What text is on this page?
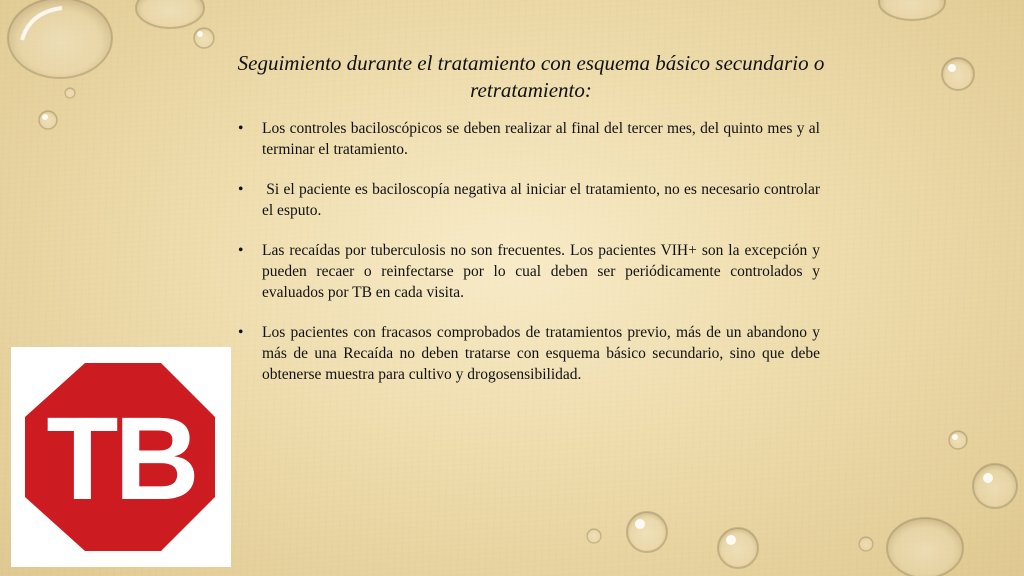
Seguimiento durante el tratamiento con esquema básico secundario o retratamiento:
• Los controles baciloscópicos se deben realizar al final del tercer mes, del quinto mes y al terminar el tratamiento.
• Si el paciente es baciloscopía negativa al iniciar el tratamiento, no es necesario controlar el esputo.
• Las recaídas por tuberculosis no son frecuentes. Los pacientes VIH+ son la excepción y pueden recaer o reinfectarse por lo cual deben ser periódicamente controlados y evaluados por TB en cada visita.
• Los pacientes con fracasos comprobados de tratamientos previo, más de un abandono y más de una Recaída no deben tratarse con esquema básico secundario, sino que debe obtenerse muestra para cultivo y drogosensibilidad.
TB
